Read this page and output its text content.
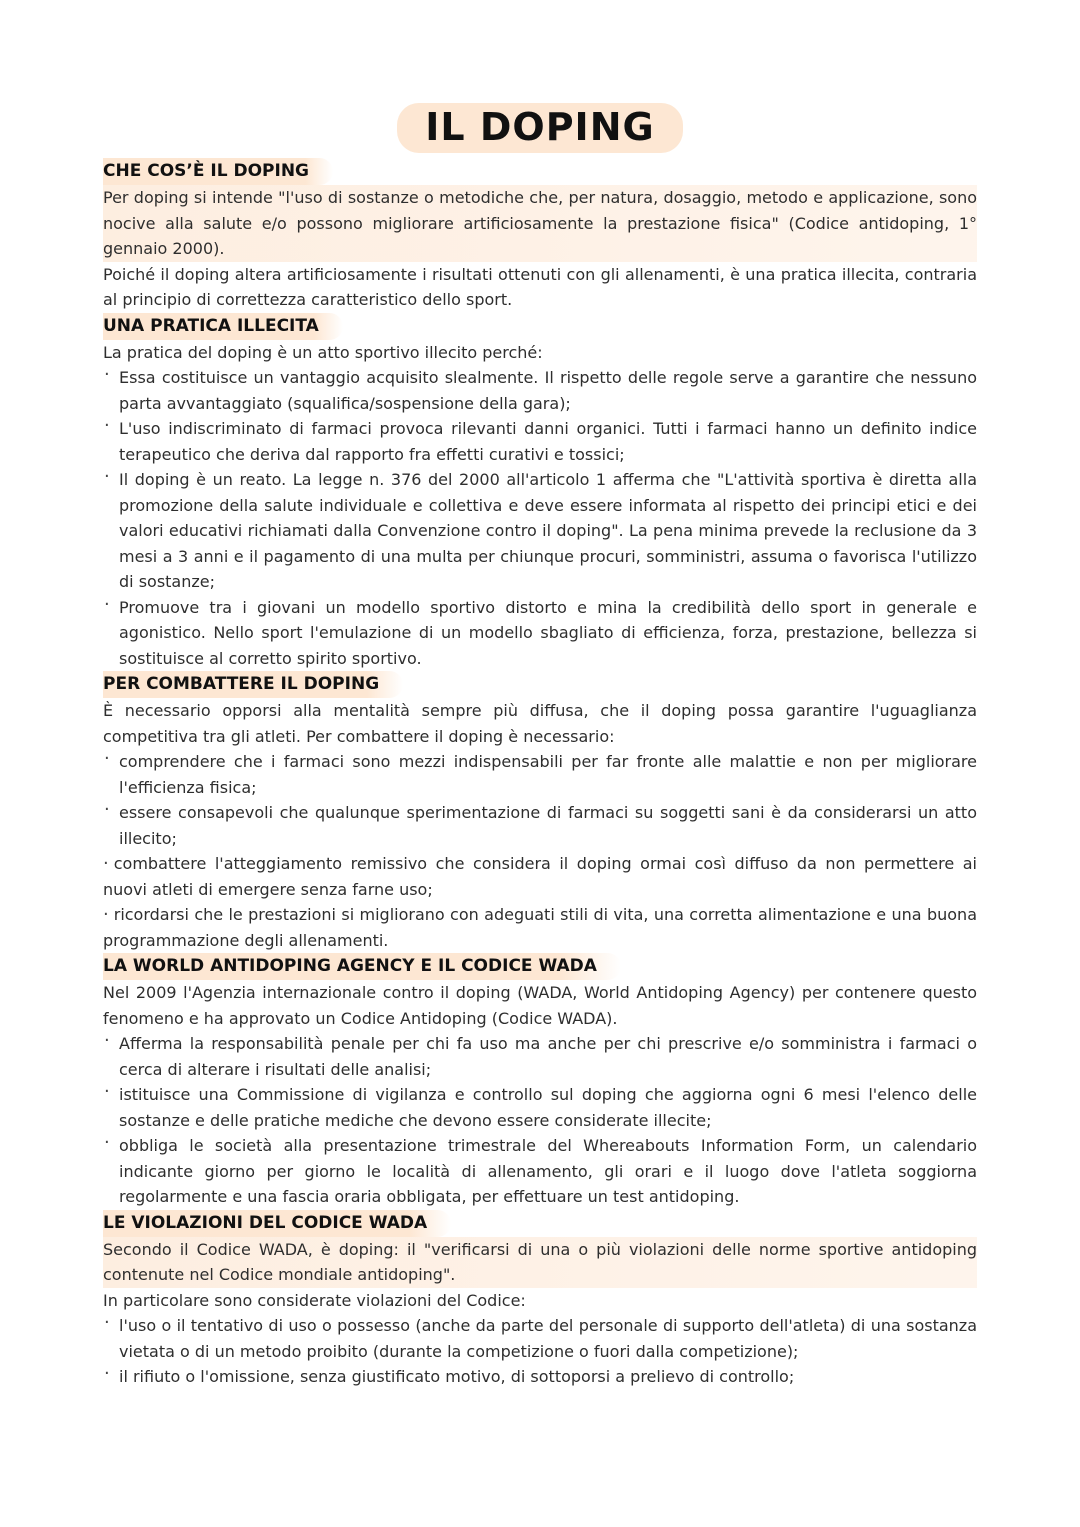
IL DOPING
CHE COS’È IL DOPING

Per doping si intende "l'uso di sostanze o metodiche che, per natura, dosaggio, metodo e applicazione, sono nocive alla salute e/o possono migliorare artificiosamente la prestazione fisica" (Codice antidoping, 1° gennaio 2000).

Poiché il doping altera artificiosamente i risultati ottenuti con gli allenamenti, è una pratica illecita, contraria al principio di correttezza caratteristico dello sport.

UNA PRATICA ILLECITA

La pratica del doping è un atto sportivo illecito perché:

· Essa costituisce un vantaggio acquisito slealmente. Il rispetto delle regole serve a garantire che nessuno parta avvantaggiato (squalifica/sospensione della gara);
· L'uso indiscriminato di farmaci provoca rilevanti danni organici. Tutti i farmaci hanno un definito indice terapeutico che deriva dal rapporto fra effetti curativi e tossici;
· Il doping è un reato. La legge n. 376 del 2000 all'articolo 1 afferma che "L'attività sportiva è diretta alla promozione della salute individuale e collettiva e deve essere informata al rispetto dei principi etici e dei valori educativi richiamati dalla Convenzione contro il doping". La pena minima prevede la reclusione da 3 mesi a 3 anni e il pagamento di una multa per chiunque procuri, somministri, assuma o favorisca l'utilizzo di sostanze;
· Promuove tra i giovani un modello sportivo distorto e mina la credibilità dello sport in generale e agonistico. Nello sport l'emulazione di un modello sbagliato di efficienza, forza, prestazione, bellezza si sostituisce al corretto spirito sportivo.
PER COMBATTERE IL DOPING

È necessario opporsi alla mentalità sempre più diffusa, che il doping possa garantire l'uguaglianza competitiva tra gli atleti. Per combattere il doping è necessario:

· comprendere che i farmaci sono mezzi indispensabili per far fronte alle malattie e non per migliorare l'efficienza fisica;
· essere consapevoli che qualunque sperimentazione di farmaci su soggetti sani è da considerarsi un atto illecito;
· combattere l'atteggiamento remissivo che considera il doping ormai così diffuso da non permettere ai nuovi atleti di emergere senza farne uso;
· ricordarsi che le prestazioni si migliorano con adeguati stili di vita, una corretta alimentazione e una buona programmazione degli allenamenti.
LA WORLD ANTIDOPING AGENCY E IL CODICE WADA

Nel 2009 l'Agenzia internazionale contro il doping (WADA, World Antidoping Agency) per contenere questo fenomeno e ha approvato un Codice Antidoping (Codice WADA).

· Afferma la responsabilità penale per chi fa uso ma anche per chi prescrive e/o somministra i farmaci o cerca di alterare i risultati delle analisi;
· istituisce una Commissione di vigilanza e controllo sul doping che aggiorna ogni 6 mesi l'elenco delle sostanze e delle pratiche mediche che devono essere considerate illecite;
· obbliga le società alla presentazione trimestrale del Whereabouts Information Form, un calendario indicante giorno per giorno le località di allenamento, gli orari e il luogo dove l'atleta soggiorna regolarmente e una fascia oraria obbligata, per effettuare un test antidoping.
LE VIOLAZIONI DEL CODICE WADA

Secondo il Codice WADA, è doping: il "verificarsi di una o più violazioni delle norme sportive antidoping contenute nel Codice mondiale antidoping".

In particolare sono considerate violazioni del Codice:

· l'uso o il tentativo di uso o possesso (anche da parte del personale di supporto dell'atleta) di una sostanza vietata o di un metodo proibito (durante la competizione o fuori dalla competizione);
· il rifiuto o l'omissione, senza giustificato motivo, di sottoporsi a prelievo di controllo;
